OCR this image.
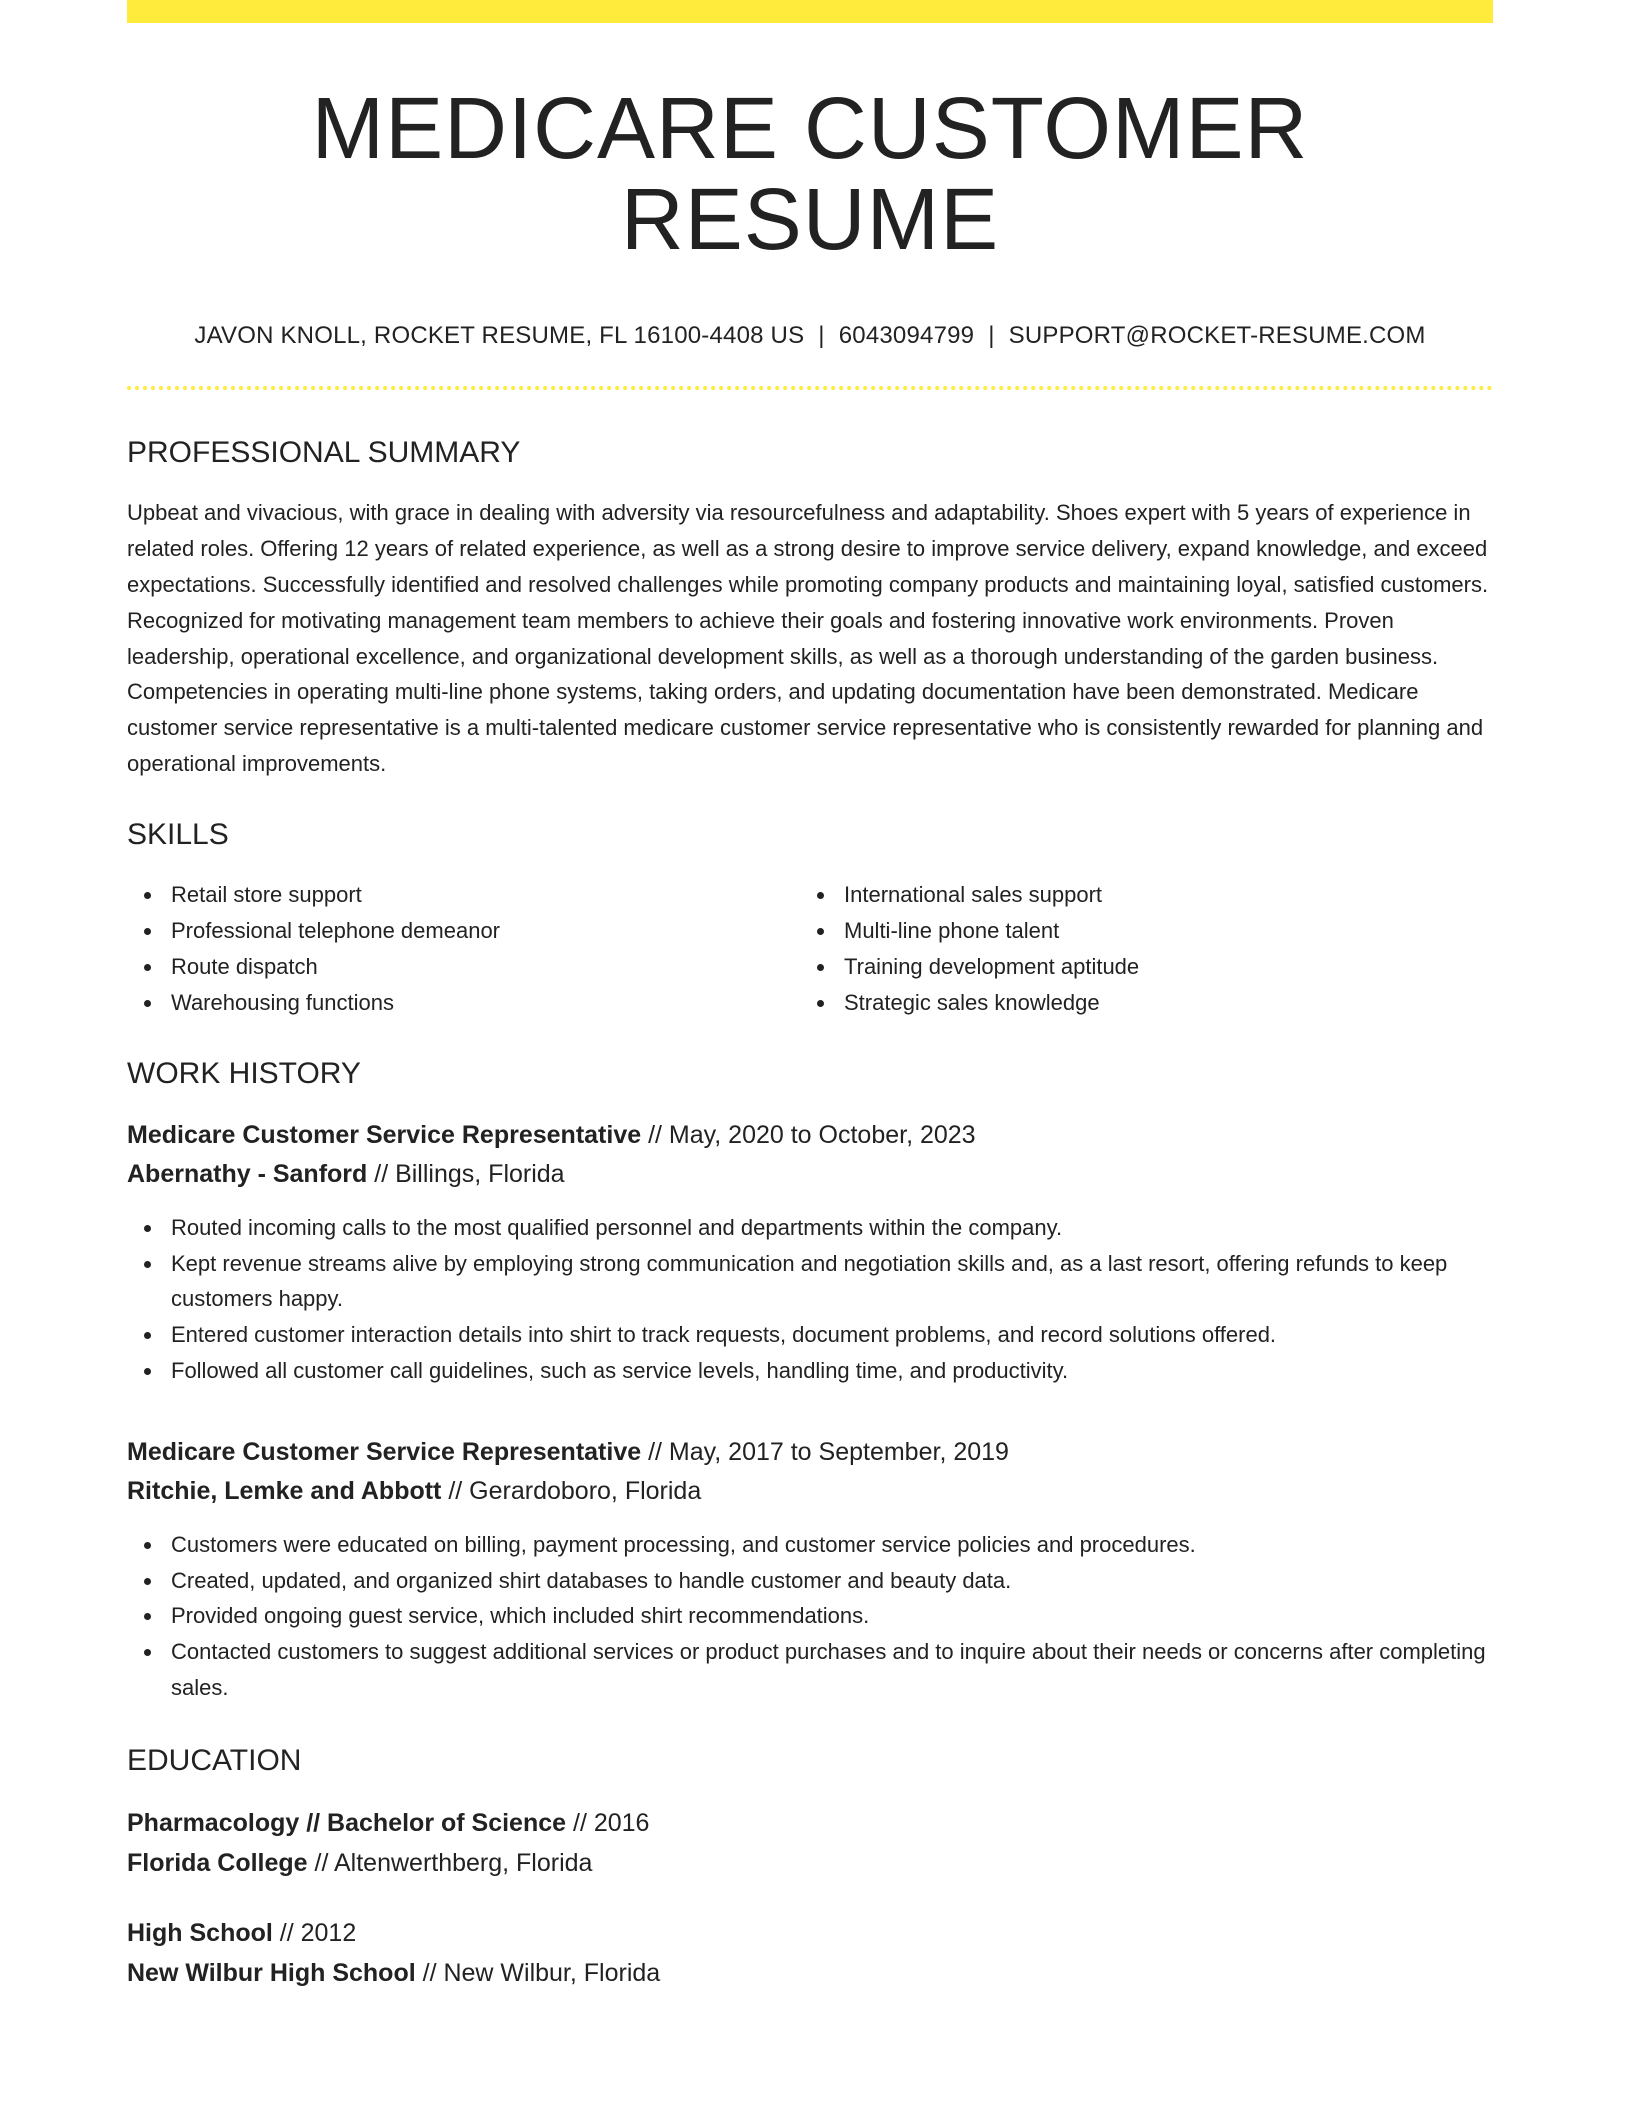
MEDICARE CUSTOMER RESUME
JAVON KNOLL, ROCKET RESUME, FL 16100-4408 US | 6043094799 | SUPPORT@ROCKET-RESUME.COM
PROFESSIONAL SUMMARY

Upbeat and vivacious, with grace in dealing with adversity via resourcefulness and adaptability. Shoes expert with 5 years of experience in related roles. Offering 12 years of related experience, as well as a strong desire to improve service delivery, expand knowledge, and exceed expectations. Successfully identified and resolved challenges while promoting company products and maintaining loyal, satisfied customers. Recognized for motivating management team members to achieve their goals and fostering innovative work environments. Proven leadership, operational excellence, and organizational development skills, as well as a thorough understanding of the garden business. Competencies in operating multi-line phone systems, taking orders, and updating documentation have been demonstrated. Medicare customer service representative is a multi-talented medicare customer service representative who is consistently rewarded for planning and operational improvements.

SKILLS
Retail store support
Professional telephone demeanor
Route dispatch
Warehousing functions
International sales support
Multi-line phone talent
Training development aptitude
Strategic sales knowledge
WORK HISTORY
Medicare Customer Service Representative // May, 2020 to October, 2023
Abernathy - Sanford // Billings, Florida
Routed incoming calls to the most qualified personnel and departments within the company.
Kept revenue streams alive by employing strong communication and negotiation skills and, as a last resort, offering refunds to keep customers happy.
Entered customer interaction details into shirt to track requests, document problems, and record solutions offered.
Followed all customer call guidelines, such as service levels, handling time, and productivity.
Medicare Customer Service Representative // May, 2017 to September, 2019
Ritchie, Lemke and Abbott // Gerardoboro, Florida
Customers were educated on billing, payment processing, and customer service policies and procedures.
Created, updated, and organized shirt databases to handle customer and beauty data.
Provided ongoing guest service, which included shirt recommendations.
Contacted customers to suggest additional services or product purchases and to inquire about their needs or concerns after completing sales.
EDUCATION
Pharmacology // Bachelor of Science // 2016
Florida College // Altenwerthberg, Florida
High School // 2012
New Wilbur High School // New Wilbur, Florida
